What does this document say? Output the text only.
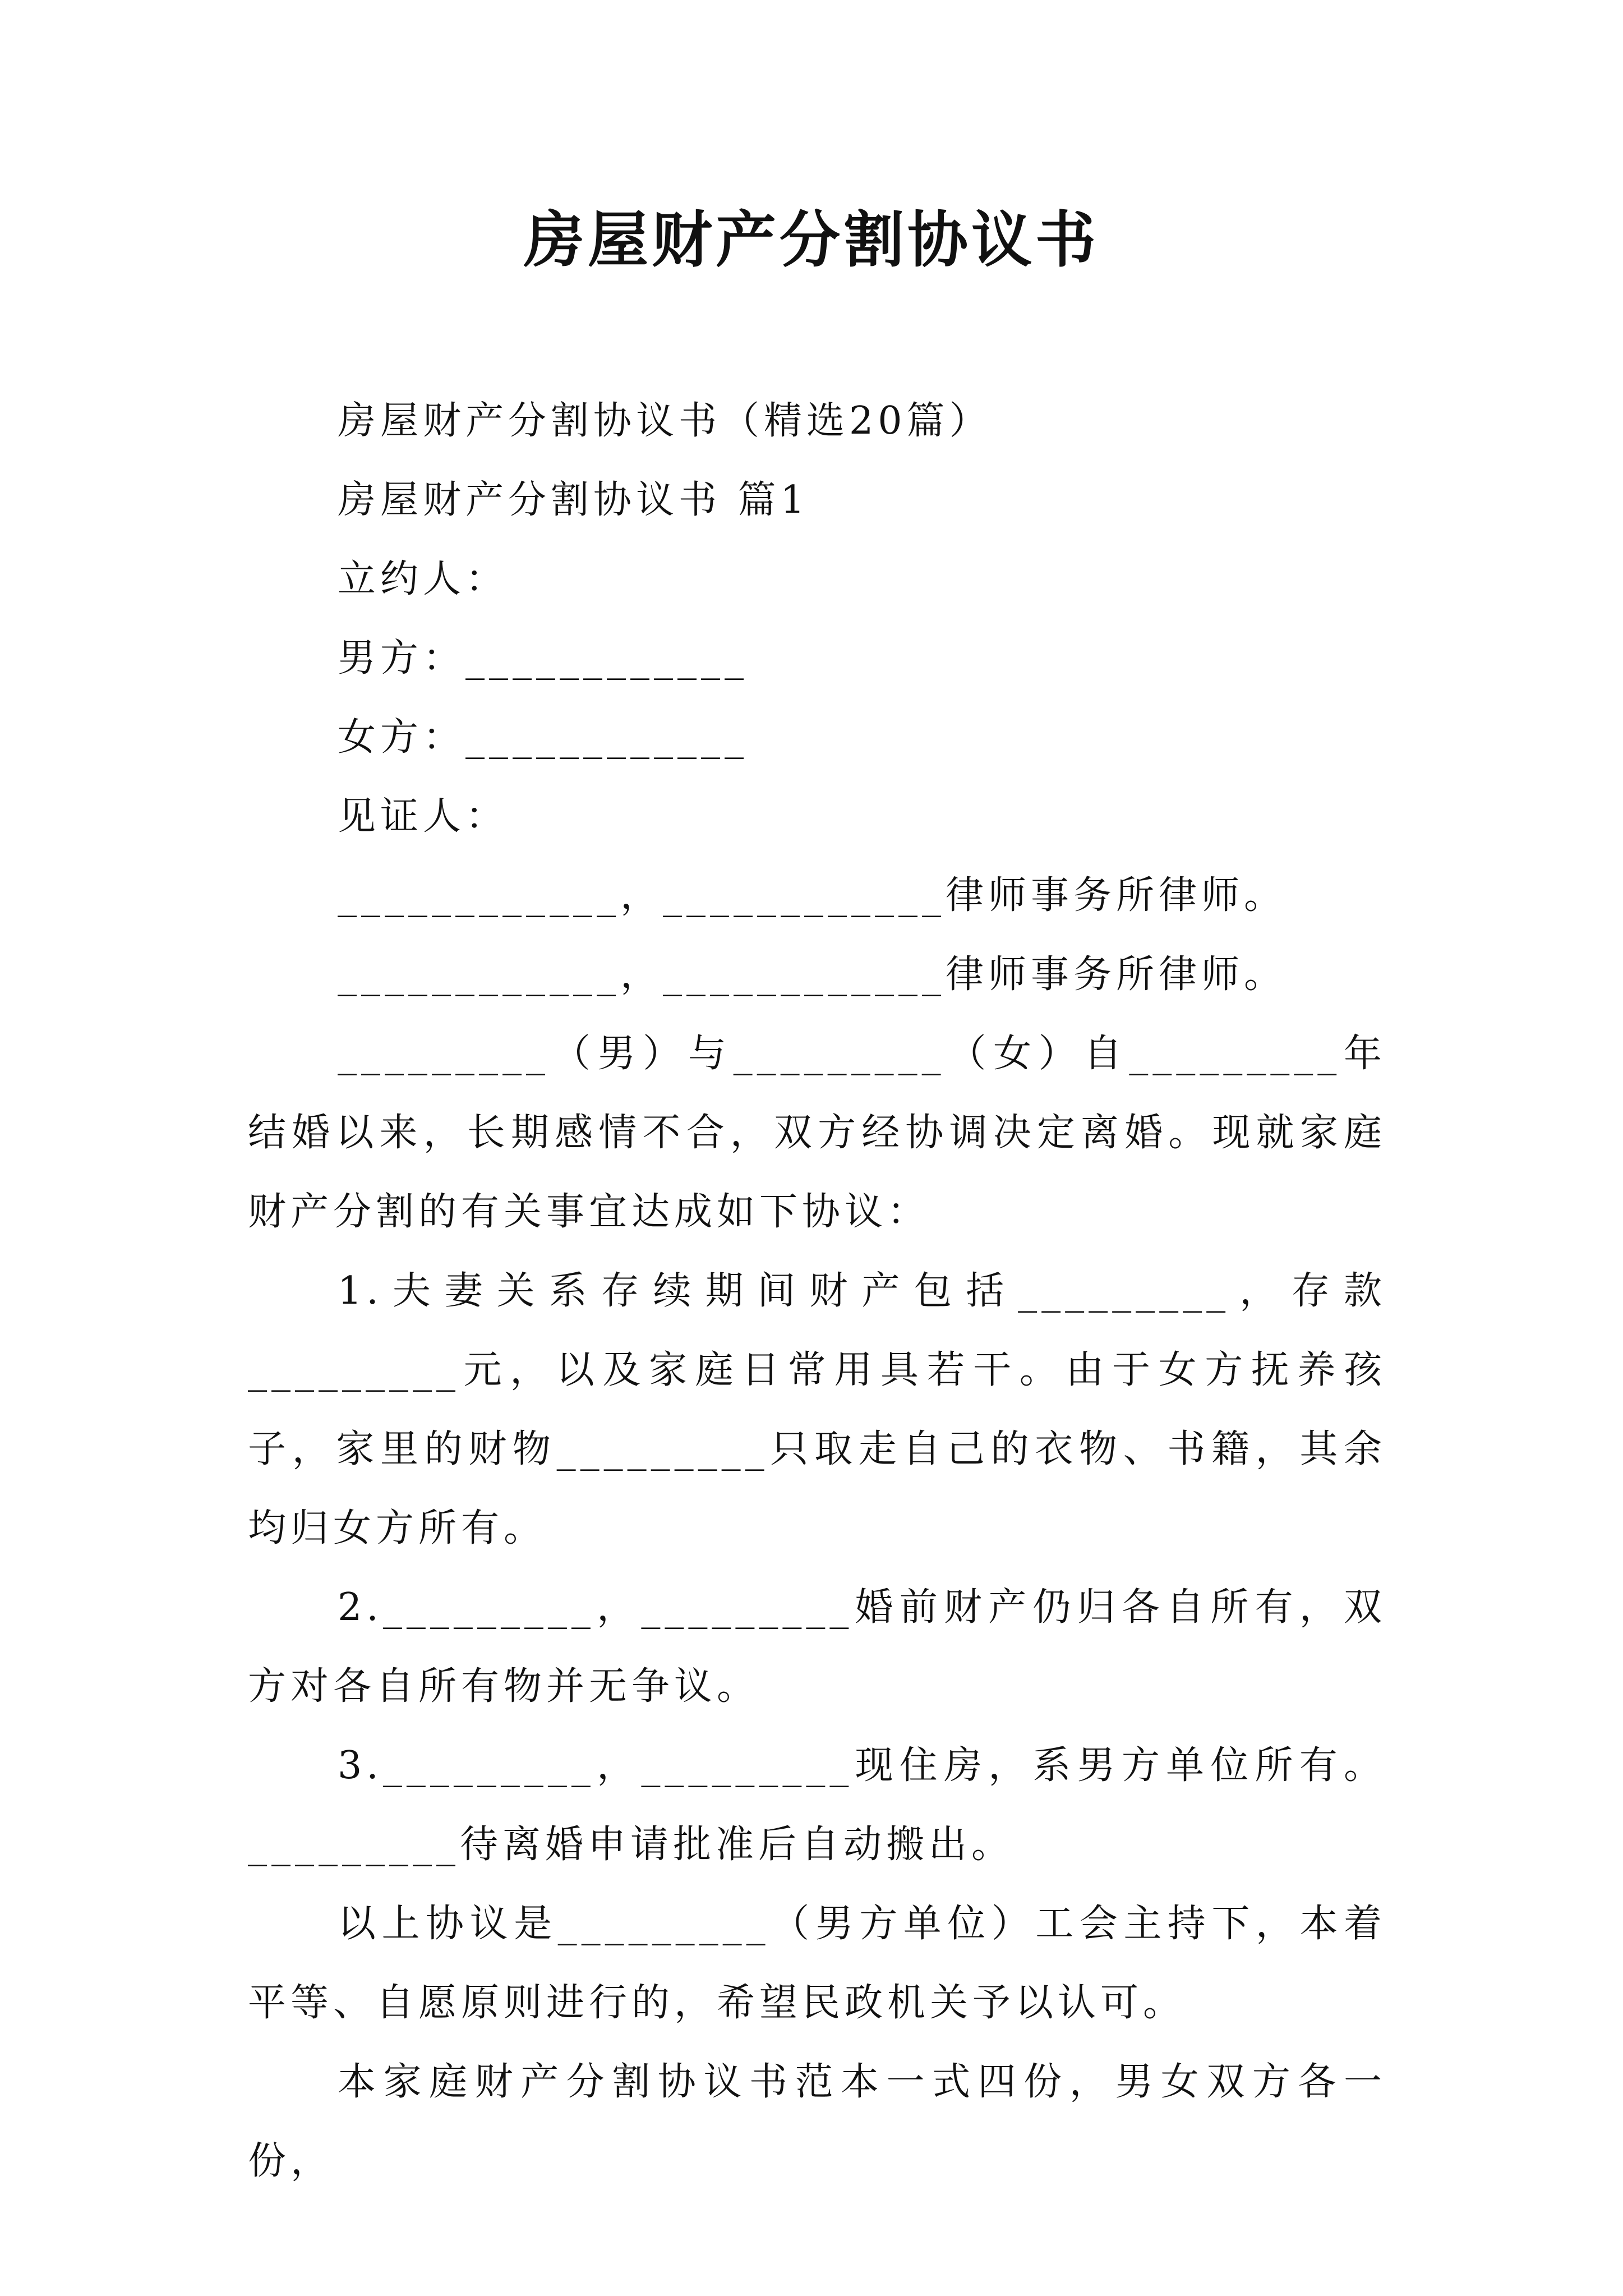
房屋财产分割协议书
房屋财产分割协议书（精选20篇）
房屋财产分割协议书 篇1
立约人：
男方：____________
女方：____________
见证人：
____________，____________律师事务所律师。
____________，____________律师事务所律师。

_________（男）与_________（女）自_________年结婚以来，长期感情不合，双方经协调决定离婚。现就家庭财产分割的有关事宜达成如下协议：

1.夫妻关系存续期间财产包括_________，存款_________元，以及家庭日常用具若干。由于女方抚养孩子，家里的财物_________只取走自己的衣物、书籍，其余均归女方所有。

2._________，_________婚前财产仍归各自所有，双方对各自所有物并无争议。

3._________，_________现住房，系男方单位所有。_________待离婚申请批准后自动搬出。

以上协议是_________（男方单位）工会主持下，本着平等、自愿原则进行的，希望民政机关予以认可。

本家庭财产分割协议书范本一式四份，男女双方各一份，
